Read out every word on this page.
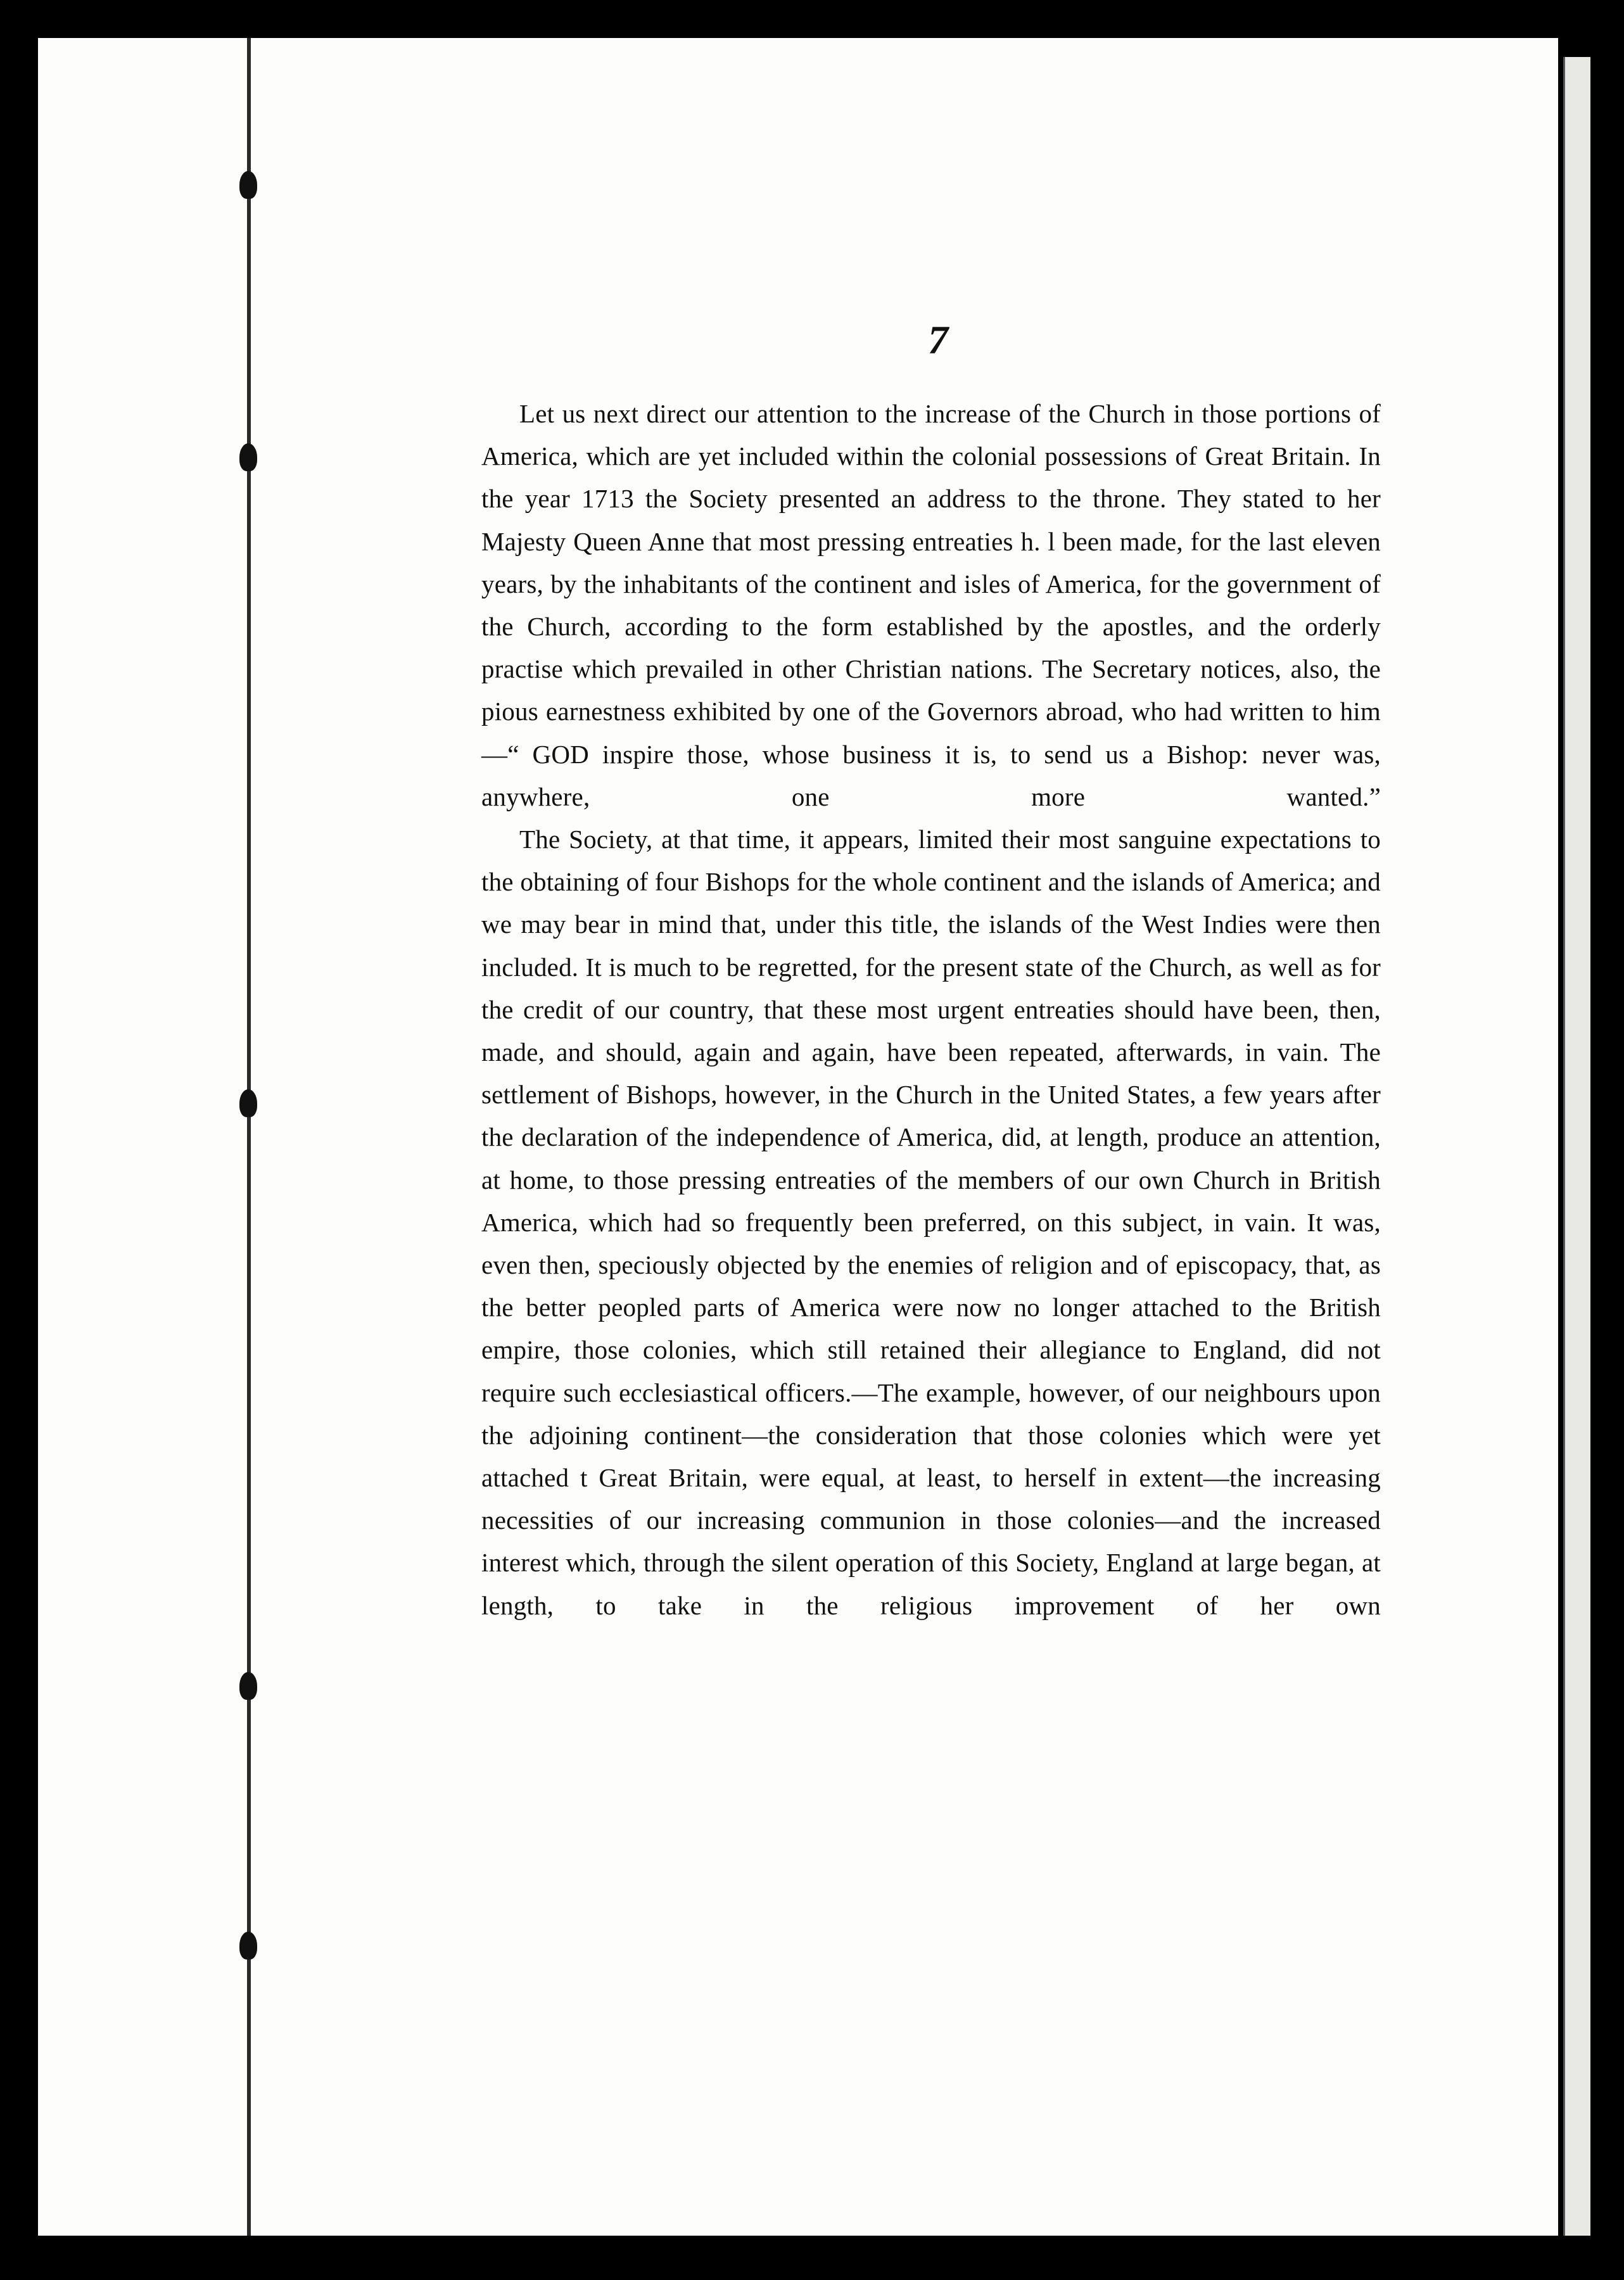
7

Let us next direct our attention to the increase of the Church in those portions of America, which are yet included within the colonial possessions of Great Britain. In the year 1713 the Society presented an address to the throne. They stated to her Majesty Queen Anne that most pressing entreaties h. l been made, for the last eleven years, by the inhabitants of the continent and isles of America, for the government of the Church, according to the form established by the apostles, and the orderly practise which prevailed in other Christian nations. The Secretary notices, also, the pious earnestness exhibited by one of the Governors abroad, who had written to him—“ GOD inspire those, whose business it is, to send us a Bishop: never was, anywhere, one more wanted.”

The Society, at that time, it appears, limited their most sanguine expectations to the obtaining of four Bishops for the whole continent and the islands of America; and we may bear in mind that, under this title, the islands of the West Indies were then included. It is much to be regretted, for the present state of the Church, as well as for the credit of our country, that these most urgent entreaties should have been, then, made, and should, again and again, have been repeated, afterwards, in vain. The settlement of Bishops, however, in the Church in the United States, a few years after the declaration of the independence of America, did, at length, produce an attention, at home, to those pressing entreaties of the members of our own Church in British America, which had so frequently been preferred, on this subject, in vain. It was, even then, speciously objected by the enemies of religion and of episcopacy, that, as the better peopled parts of America were now no longer attached to the British empire, those colonies, which still retained their allegiance to England, did not require such ecclesiastical officers.—The example, however, of our neighbours upon the adjoining continent—the consideration that those colonies which were yet attached t Great Britain, were equal, at least, to herself in extent—the increasing necessities of our increasing communion in those colonies—and the increased interest which, through the silent operation of this Society, England at large began, at length, to take in the religious improvement of her own
